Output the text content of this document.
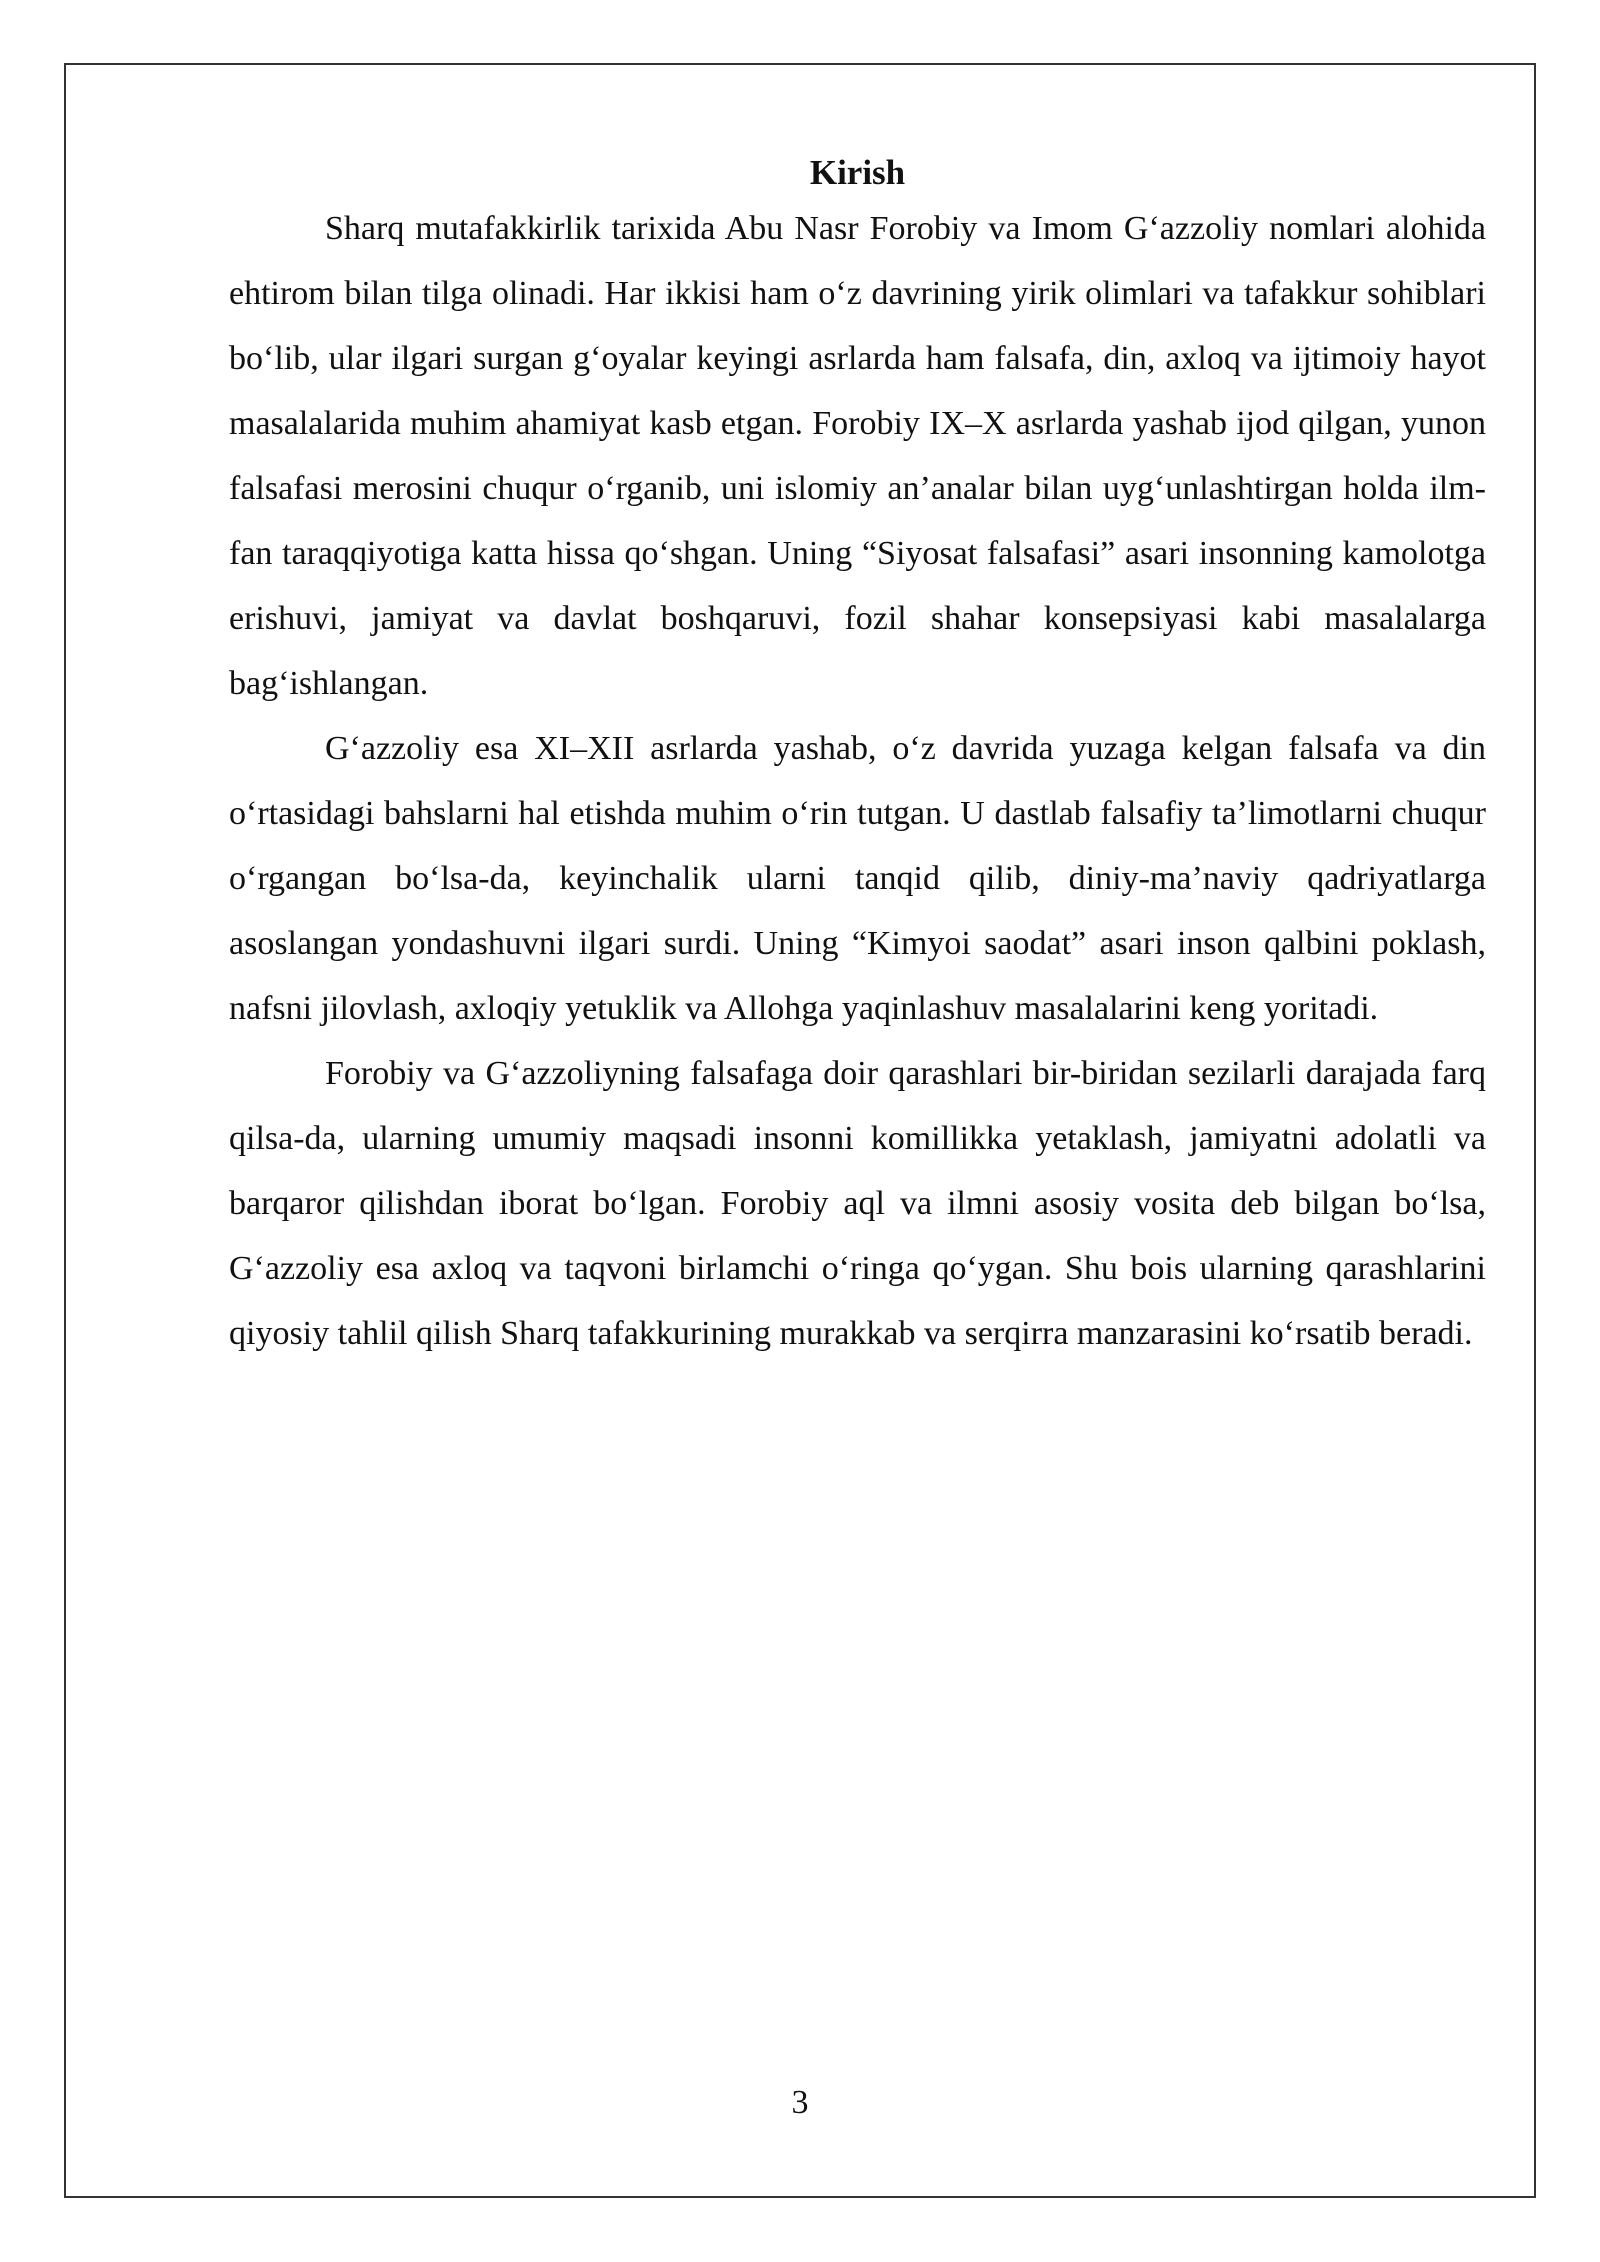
Kirish

Sharq mutafakkirlik tarixida Abu Nasr Forobiy va Imom G‘azzoliy nomlari alohida ehtirom bilan tilga olinadi. Har ikkisi ham o‘z davrining yirik olimlari va tafakkur sohiblari bo‘lib, ular ilgari surgan g‘oyalar keyingi asrlarda ham falsafa, din, axloq va ijtimoiy hayot masalalarida muhim ahamiyat kasb etgan. Forobiy IX–X asrlarda yashab ijod qilgan, yunon falsafasi merosini chuqur o‘rganib, uni islomiy an’analar bilan uyg‘unlashtirgan holda ilm-fan taraqqiyotiga katta hissa qo‘shgan. Uning “Siyosat falsafasi” asari insonning kamolotga erishuvi, jamiyat va davlat boshqaruvi, fozil shahar konsepsiyasi kabi masalalarga bag‘ishlangan.

G‘azzoliy esa XI–XII asrlarda yashab, o‘z davrida yuzaga kelgan falsafa va din o‘rtasidagi bahslarni hal etishda muhim o‘rin tutgan. U dastlab falsafiy ta’limotlarni chuqur o‘rgangan bo‘lsa-da, keyinchalik ularni tanqid qilib, diniy-ma’naviy qadriyatlarga asoslangan yondashuvni ilgari surdi. Uning “Kimyoi saodat” asari inson qalbini poklash, nafsni jilovlash, axloqiy yetuklik va Allohga yaqinlashuv masalalarini keng yoritadi.

Forobiy va G‘azzoliyning falsafaga doir qarashlari bir-biridan sezilarli darajada farq qilsa-da, ularning umumiy maqsadi insonni komillikka yetaklash, jamiyatni adolatli va barqaror qilishdan iborat bo‘lgan. Forobiy aql va ilmni asosiy vosita deb bilgan bo‘lsa, G‘azzoliy esa axloq va taqvoni birlamchi o‘ringa qo‘ygan. Shu bois ularning qarashlarini qiyosiy tahlil qilish Sharq tafakkurining murakkab va serqirra manzarasini ko‘rsatib beradi.

3
